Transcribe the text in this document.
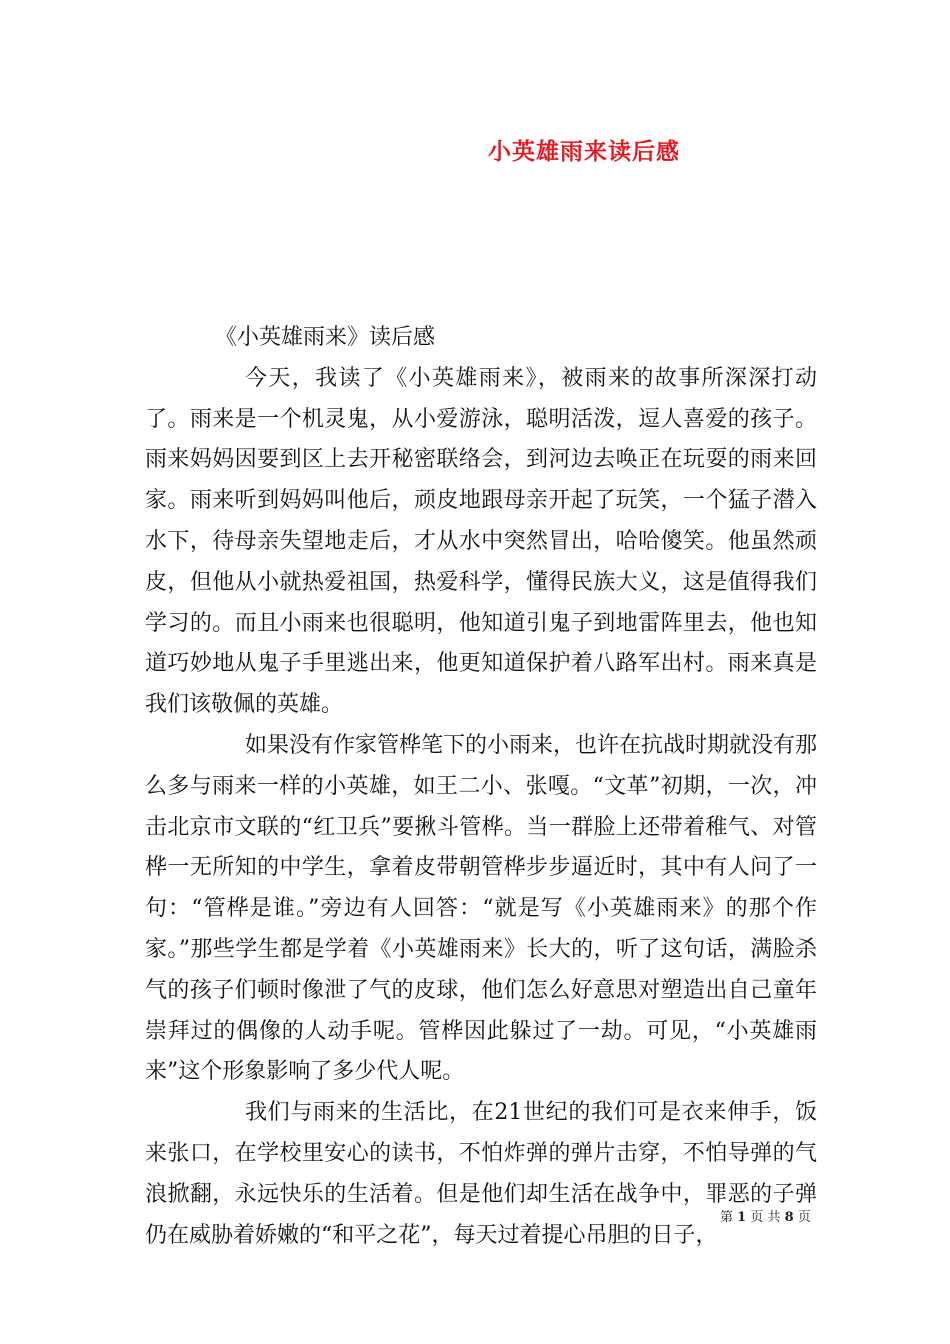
小英雄雨来读后感

《小英雄雨来》读后感

今天，我读了《小英雄雨来》，被雨来的故事所深深打动了。雨来是一个机灵鬼，从小爱游泳，聪明活泼，逗人喜爱的孩子。雨来妈妈因要到区上去开秘密联络会，到河边去唤正在玩耍的雨来回家。雨来听到妈妈叫他后，顽皮地跟母亲开起了玩笑，一个猛子潜入水下，待母亲失望地走后，才从水中突然冒出，哈哈傻笑。他虽然顽皮，但他从小就热爱祖国，热爱科学，懂得民族大义，这是值得我们学习的。而且小雨来也很聪明，他知道引鬼子到地雷阵里去，他也知道巧妙地从鬼子手里逃出来，他更知道保护着八路军出村。雨来真是我们该敬佩的英雄。

如果没有作家管桦笔下的小雨来，也许在抗战时期就没有那么多与雨来一样的小英雄，如王二小、张嘎。“文革”初期，一次，冲击北京市文联的“红卫兵”要揪斗管桦。当一群脸上还带着稚气、对管桦一无所知的中学生，拿着皮带朝管桦步步逼近时，其中有人问了一句：“管桦是谁。”旁边有人回答：“就是写《小英雄雨来》的那个作家。”那些学生都是学着《小英雄雨来》长大的，听了这句话，满脸杀气的孩子们顿时像泄了气的皮球，他们怎么好意思对塑造出自己童年崇拜过的偶像的人动手呢。管桦因此躲过了一劫。可见，“小英雄雨来”这个形象影响了多少代人呢。

我们与雨来的生活比，在21世纪的我们可是衣来伸手，饭来张口，在学校里安心的读书，不怕炸弹的弹片击穿，不怕导弹的气浪掀翻，永远快乐的生活着。但是他们却生活在战争中，罪恶的子弹仍在威胁着娇嫩的“和平之花”，每天过着提心吊胆的日子，

第 1 页 共 8 页
